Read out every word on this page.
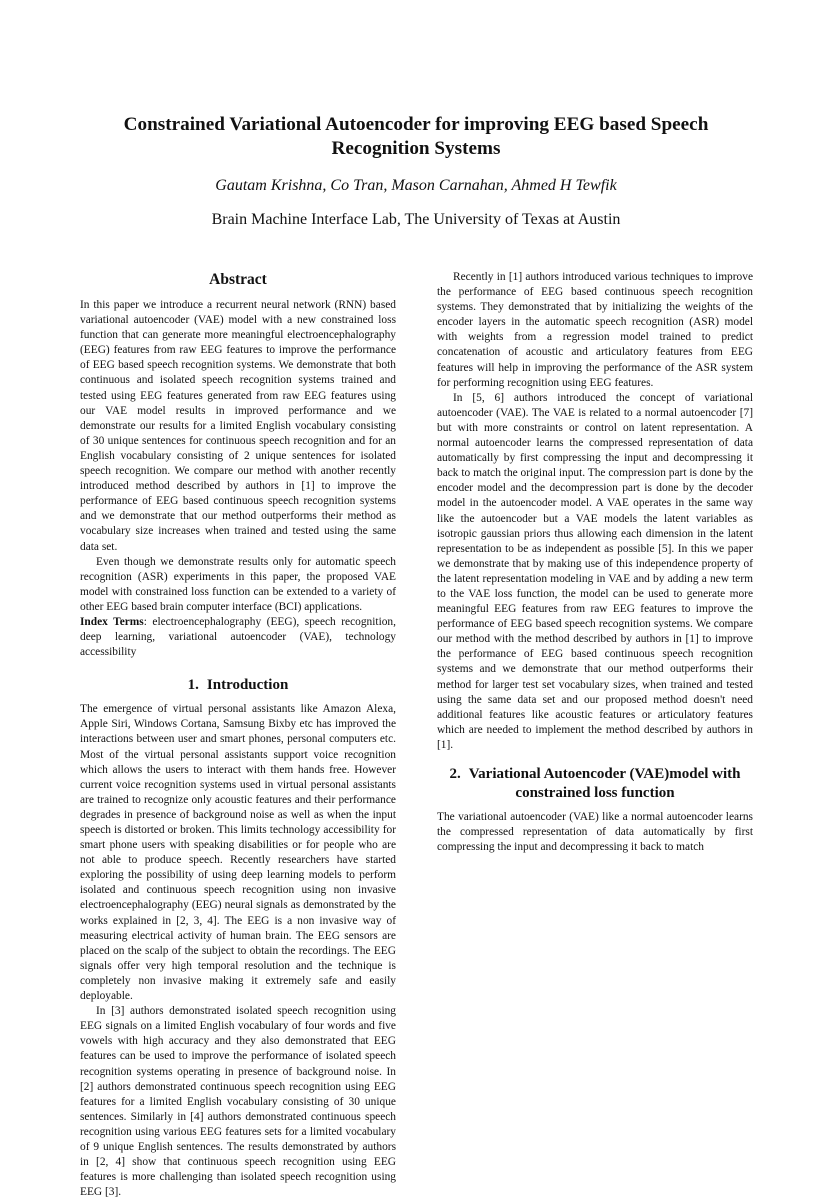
Constrained Variational Autoencoder for improving EEG based Speech Recognition Systems
Gautam Krishna, Co Tran, Mason Carnahan, Ahmed H Tewfik
Brain Machine Interface Lab, The University of Texas at Austin
Abstract

In this paper we introduce a recurrent neural network (RNN) based variational autoencoder (VAE) model with a new constrained loss function that can generate more meaningful electroencephalography (EEG) features from raw EEG features to improve the performance of EEG based speech recognition systems. We demonstrate that both continuous and isolated speech recognition systems trained and tested using EEG features generated from raw EEG features using our VAE model results in improved performance and we demonstrate our results for a limited English vocabulary consisting of 30 unique sentences for continuous speech recognition and for an English vocabulary consisting of 2 unique sentences for isolated speech recognition. We compare our method with another recently introduced method described by authors in [1] to improve the performance of EEG based continuous speech recognition systems and we demonstrate that our method outperforms their method as vocabulary size increases when trained and tested using the same data set.

Even though we demonstrate results only for automatic speech recognition (ASR) experiments in this paper, the proposed VAE model with constrained loss function can be extended to a variety of other EEG based brain computer interface (BCI) applications.

Index Terms: electroencephalography (EEG), speech recognition, deep learning, variational autoencoder (VAE), technology accessibility

1. Introduction

The emergence of virtual personal assistants like Amazon Alexa, Apple Siri, Windows Cortana, Samsung Bixby etc has improved the interactions between user and smart phones, personal computers etc. Most of the virtual personal assistants support voice recognition which allows the users to interact with them hands free. However current voice recognition systems used in virtual personal assistants are trained to recognize only acoustic features and their performance degrades in presence of background noise as well as when the input speech is distorted or broken. This limits technology accessibility for smart phone users with speaking disabilities or for people who are not able to produce speech. Recently researchers have started exploring the possibility of using deep learning models to perform isolated and continuous speech recognition using non invasive electroencephalography (EEG) neural signals as demonstrated by the works explained in [2, 3, 4]. The EEG is a non invasive way of measuring electrical activity of human brain. The EEG sensors are placed on the scalp of the subject to obtain the recordings. The EEG signals offer very high temporal resolution and the technique is completely non invasive making it extremely safe and easily deployable.

In [3] authors demonstrated isolated speech recognition using EEG signals on a limited English vocabulary of four words and five vowels with high accuracy and they also demonstrated that EEG features can be used to improve the performance of isolated speech recognition systems operating in presence of background noise. In [2] authors demonstrated continuous speech recognition using EEG features for a limited English vocabulary consisting of 30 unique sentences. Similarly in [4] authors demonstrated continuous speech recognition using various EEG features sets for a limited vocabulary of 9 unique English sentences. The results demonstrated by authors in [2, 4] show that continuous speech recognition using EEG features is more challenging than isolated speech recognition using EEG [3].

Recently in [1] authors introduced various techniques to improve the performance of EEG based continuous speech recognition systems. They demonstrated that by initializing the weights of the encoder layers in the automatic speech recognition (ASR) model with weights from a regression model trained to predict concatenation of acoustic and articulatory features from EEG features will help in improving the performance of the ASR system for performing recognition using EEG features.

In [5, 6] authors introduced the concept of variational autoencoder (VAE). The VAE is related to a normal autoencoder [7] but with more constraints or control on latent representation. A normal autoencoder learns the compressed representation of data automatically by first compressing the input and decompressing it back to match the original input. The compression part is done by the encoder model and the decompression part is done by the decoder model in the autoencoder model. A VAE operates in the same way like the autoencoder but a VAE models the latent variables as isotropic gaussian priors thus allowing each dimension in the latent representation to be as independent as possible [5]. In this we paper we demonstrate that by making use of this independence property of the latent representation modeling in VAE and by adding a new term to the VAE loss function, the model can be used to generate more meaningful EEG features from raw EEG features to improve the performance of EEG based speech recognition systems. We compare our method with the method described by authors in [1] to improve the performance of EEG based continuous speech recognition systems and we demonstrate that our method outperforms their method for larger test set vocabulary sizes, when trained and tested using the same data set and our proposed method doesn't need additional features like acoustic features or articulatory features which are needed to implement the method described by authors in [1].

2. Variational Autoencoder (VAE)model with constrained loss function

The variational autoencoder (VAE) like a normal autoencoder learns the compressed representation of data automatically by first compressing the input and decompressing it back to match
